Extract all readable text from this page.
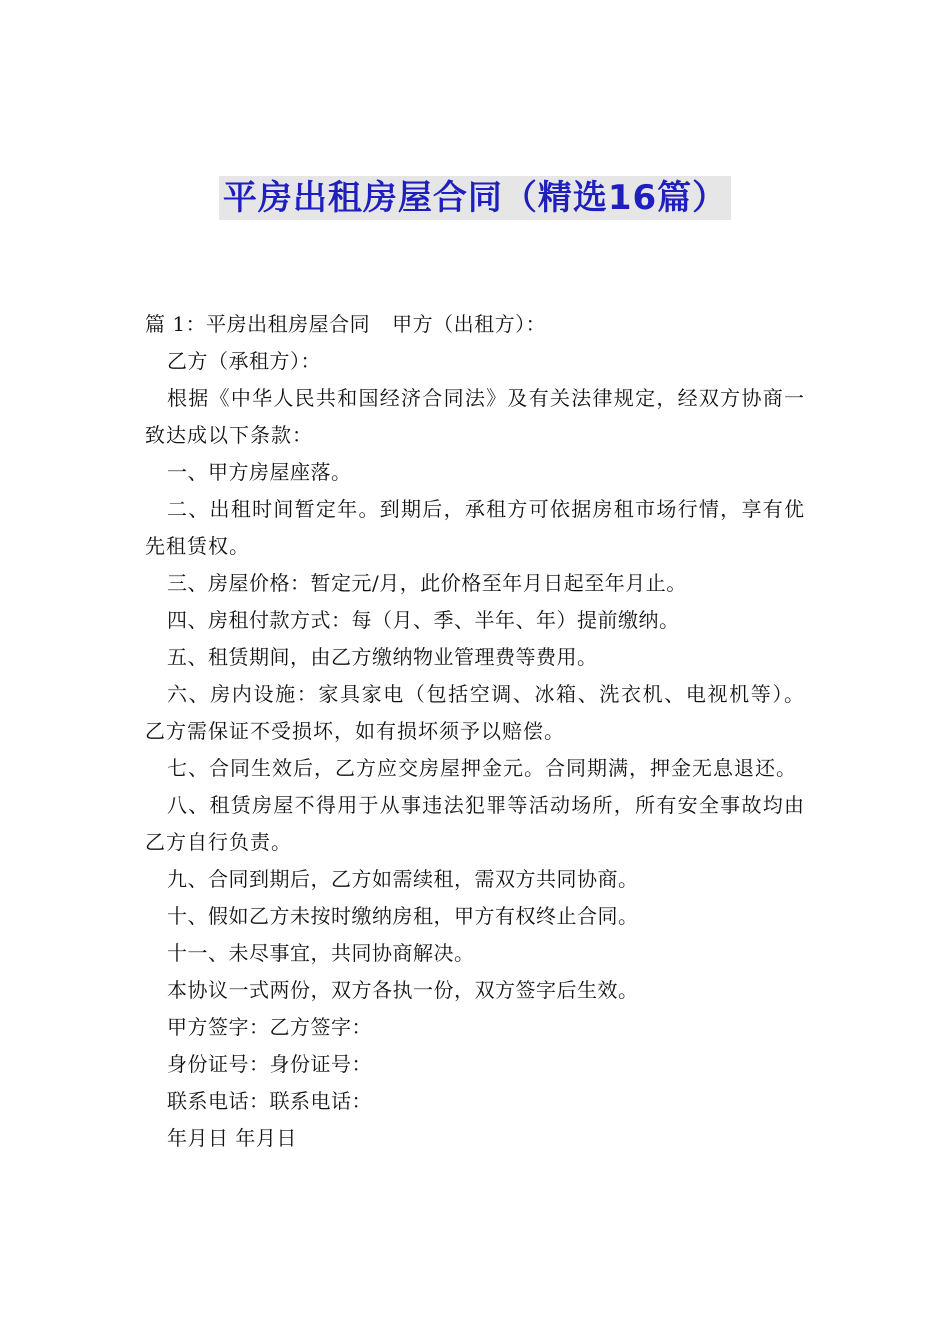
平房出租房屋合同（精选16篇）
篇 1：平房出租房屋合同 甲方（出租方）：
乙方（承租方）：
根据《中华人民共和国经济合同法》及有关法律规定，经双方协商一致达成以下条款：
一、甲方房屋座落。
二、出租时间暂定年。到期后，承租方可依据房租市场行情，享有优先租赁权。
三、房屋价格：暂定元/月，此价格至年月日起至年月止。
四、房租付款方式：每（月、季、半年、年）提前缴纳。
五、租赁期间，由乙方缴纳物业管理费等费用。
六、房内设施：家具家电（包括空调、冰箱、洗衣机、电视机等）。乙方需保证不受损坏，如有损坏须予以赔偿。
七、合同生效后，乙方应交房屋押金元。合同期满，押金无息退还。
八、租赁房屋不得用于从事违法犯罪等活动场所，所有安全事故均由乙方自行负责。
九、合同到期后，乙方如需续租，需双方共同协商。
十、假如乙方未按时缴纳房租，甲方有权终止合同。
十一、未尽事宜，共同协商解决。
本协议一式两份，双方各执一份，双方签字后生效。
甲方签字：乙方签字：
身份证号：身份证号：
联系电话：联系电话：
年月日 年月日
